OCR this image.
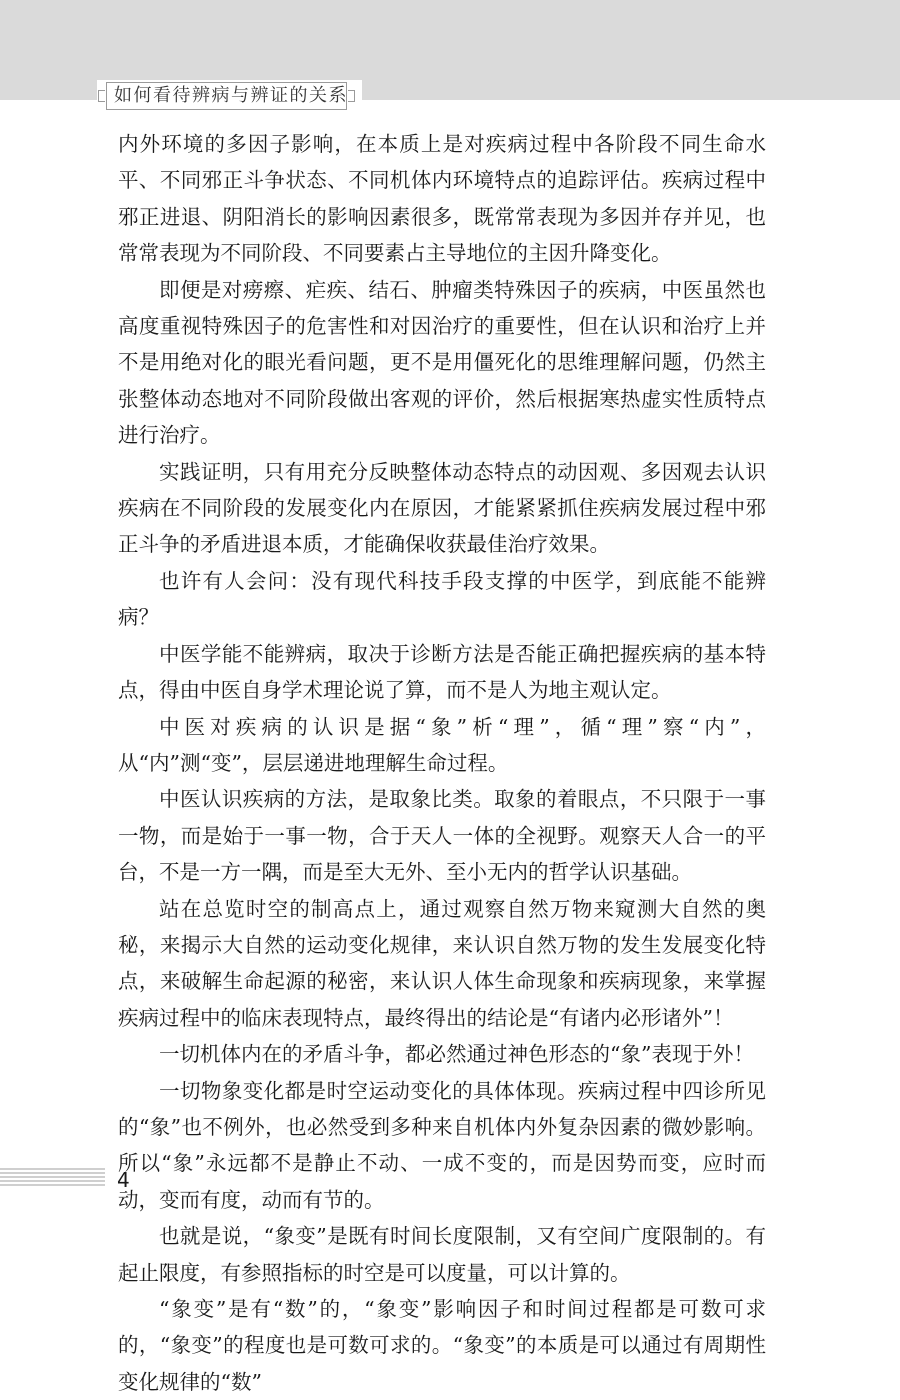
如何看待辨病与辨证的关系

内外环境的多因子影响，在本质上是对疾病过程中各阶段不同生命水平、不同邪正斗争状态、不同机体内环境特点的追踪评估。疾病过程中邪正进退、阴阳消长的影响因素很多，既常常表现为多因并存并见，也常常表现为不同阶段、不同要素占主导地位的主因升降变化。

即便是对痨瘵、疟疾、结石、肿瘤类特殊因子的疾病，中医虽然也高度重视特殊因子的危害性和对因治疗的重要性，但在认识和治疗上并不是用绝对化的眼光看问题，更不是用僵死化的思维理解问题，仍然主张整体动态地对不同阶段做出客观的评价，然后根据寒热虚实性质特点进行治疗。

实践证明，只有用充分反映整体动态特点的动因观、多因观去认识疾病在不同阶段的发展变化内在原因，才能紧紧抓住疾病发展过程中邪正斗争的矛盾进退本质，才能确保收获最佳治疗效果。

也许有人会问：没有现代科技手段支撑的中医学，到底能不能辨病？

中医学能不能辨病，取决于诊断方法是否能正确把握疾病的基本特点，得由中医自身学术理论说了算，而不是人为地主观认定。

中医对疾病的认识是据“象”析“理”，循“理”察“内”，从“内”测“变”，层层递进地理解生命过程。

中医认识疾病的方法，是取象比类。取象的着眼点，不只限于一事一物，而是始于一事一物，合于天人一体的全视野。观察天人合一的平台，不是一方一隅，而是至大无外、至小无内的哲学认识基础。

站在总览时空的制高点上，通过观察自然万物来窥测大自然的奥秘，来揭示大自然的运动变化规律，来认识自然万物的发生发展变化特点，来破解生命起源的秘密，来认识人体生命现象和疾病现象，来掌握疾病过程中的临床表现特点，最终得出的结论是“有诸内必形诸外”！

一切机体内在的矛盾斗争，都必然通过神色形态的“象”表现于外！

一切物象变化都是时空运动变化的具体体现。疾病过程中四诊所见的“象”也不例外，也必然受到多种来自机体内外复杂因素的微妙影响。所以“象”永远都不是静止不动、一成不变的，而是因势而变，应时而动，变而有度，动而有节的。

也就是说，“象变”是既有时间长度限制，又有空间广度限制的。有起止限度，有参照指标的时空是可以度量，可以计算的。

“象变”是有“数”的，“象变”影响因子和时间过程都是可数可求的，“象变”的程度也是可数可求的。“象变”的本质是可以通过有周期性变化规律的“数”

4
